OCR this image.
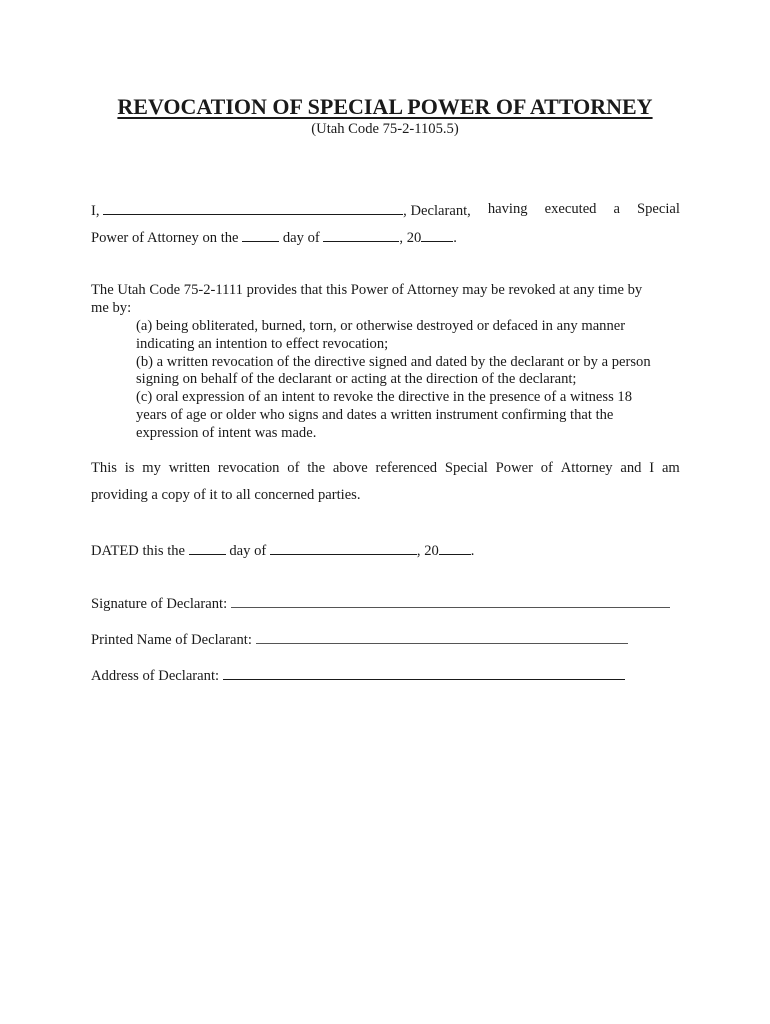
REVOCATION OF SPECIAL POWER OF ATTORNEY
(Utah Code 75-2-1105.5)
I,	, Declarant, having executed a Special
Power of Attorney on the	day of	, 20 .
The Utah Code 75-2-1111 provides that this Power of Attorney may be revoked at any time by
me by:
(a) being obliterated, burned, torn, or otherwise destroyed or defaced in any manner
indicating an intention to effect revocation;
(b) a written revocation of the directive signed and dated by the declarant or by a person
signing on behalf of the declarant or acting at the direction of the declarant;
(c) oral expression of an intent to revoke the directive in the presence of a witness 18
years of age or older who signs and dates a written instrument confirming that the
expression of intent was made.
This is my written revocation of the above referenced Special Power of Attorney and I am
providing a copy of it to all concerned parties.
DATED this the	day of	, 20 .
Signature of Declarant:
Printed Name of Declarant:
Address of Declarant:
